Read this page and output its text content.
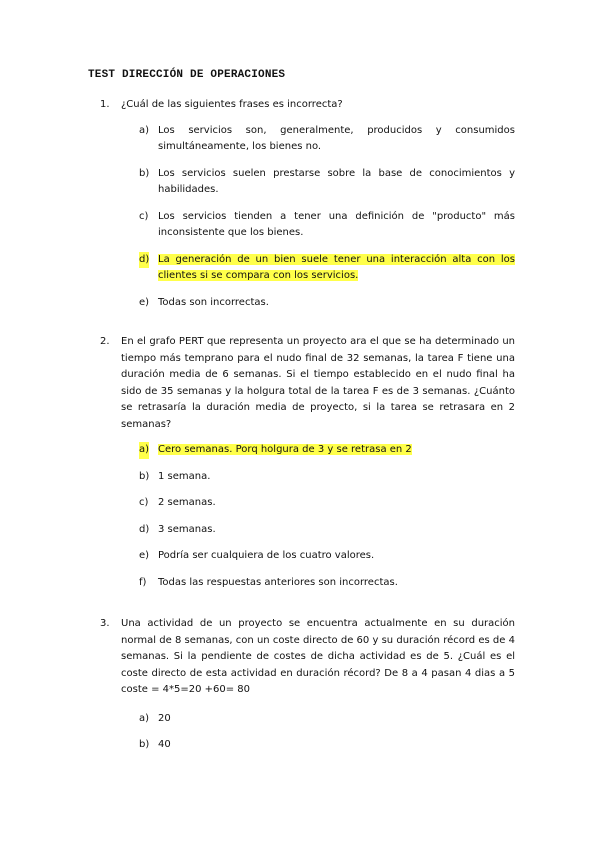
TEST DIRECCIÓN DE OPERACIONES
1. ¿Cuál de las siguientes frases es incorrecta?
a) Los servicios son, generalmente, producidos y consumidos simultáneamente, los bienes no.
b) Los servicios suelen prestarse sobre la base de conocimientos y habilidades.
c) Los servicios tienden a tener una definición de "producto" más inconsistente que los bienes.
d) La generación de un bien suele tener una interacción alta con los clientes si se compara con los servicios.
e) Todas son incorrectas.
2. En el grafo PERT que representa un proyecto ara el que se ha determinado un tiempo más temprano para el nudo final de 32 semanas, la tarea F tiene una duración media de 6 semanas. Si el tiempo establecido en el nudo final ha sido de 35 semanas y la holgura total de la tarea F es de 3 semanas. ¿Cuánto se retrasaría la duración media de proyecto, si la tarea se retrasara en 2 semanas?
a) Cero semanas. Porq holgura de 3 y se retrasa en 2
b) 1 semana.
c) 2 semanas.
d) 3 semanas.
e) Podría ser cualquiera de los cuatro valores.
f) Todas las respuestas anteriores son incorrectas.
3. Una actividad de un proyecto se encuentra actualmente en su duración normal de 8 semanas, con un coste directo de 60 y su duración récord es de 4 semanas. Si la pendiente de costes de dicha actividad es de 5. ¿Cuál es el coste directo de esta actividad en duración récord? De 8 a 4 pasan 4 dias a 5 coste = 4*5=20 +60= 80
a) 20
b) 40
